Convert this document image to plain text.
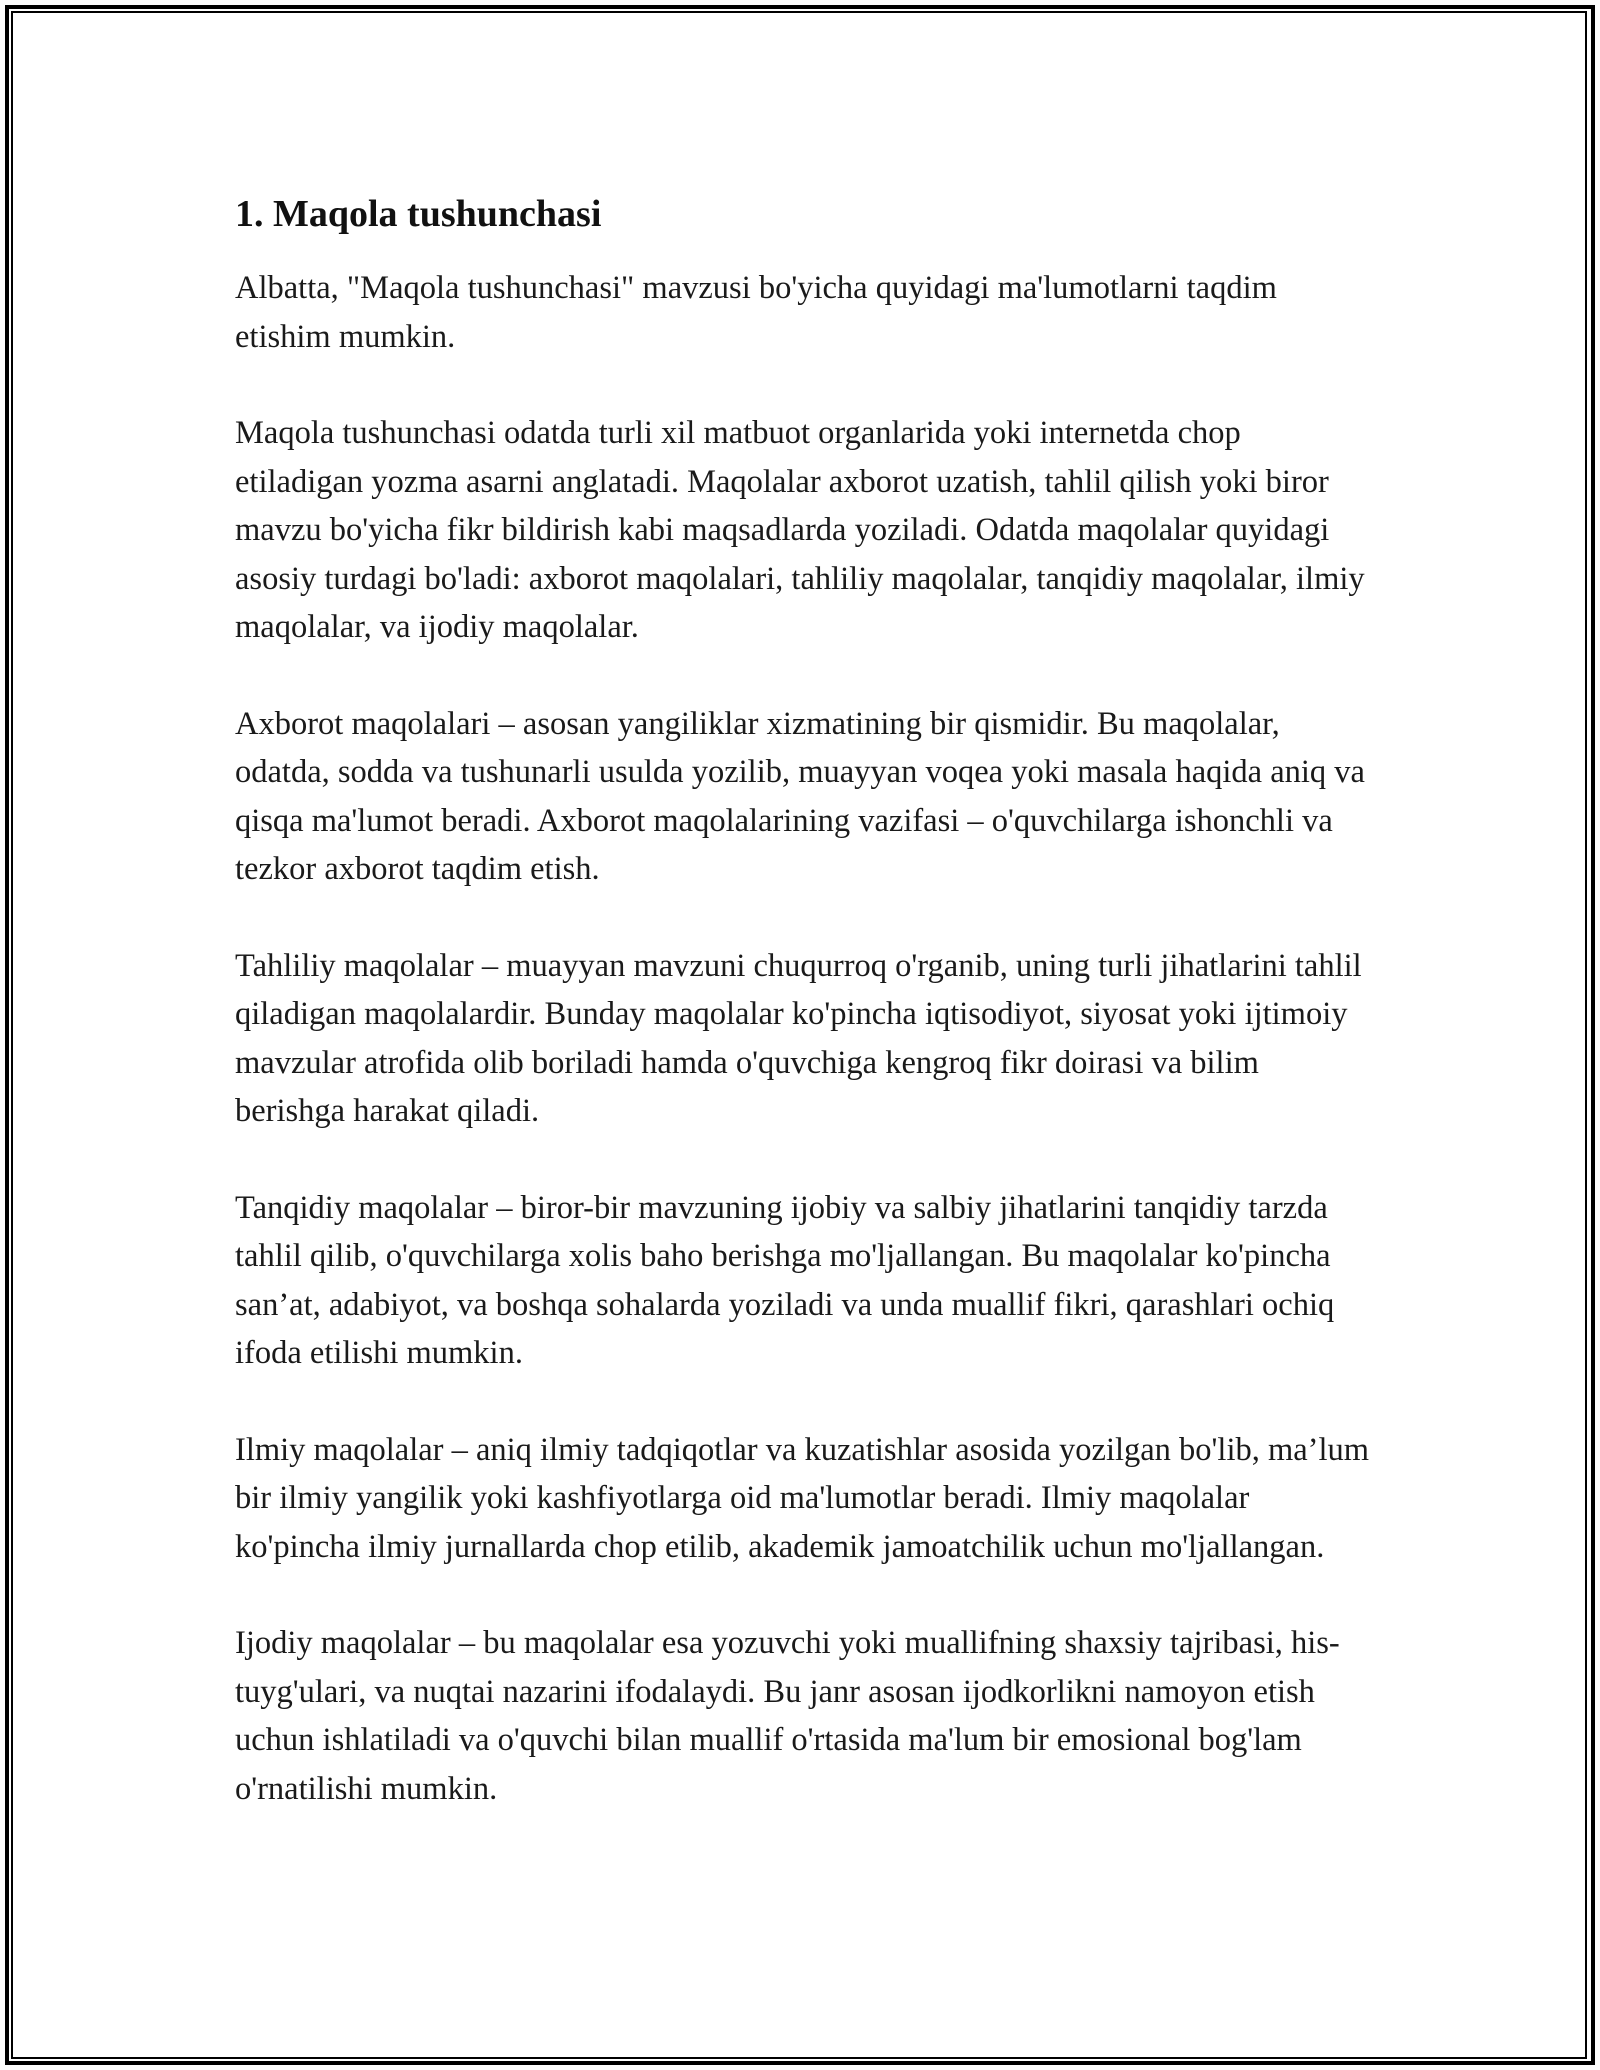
1. Maqola tushunchasi

Albatta, "Maqola tushunchasi" mavzusi bo'yicha quyidagi ma'lumotlarni taqdim etishim mumkin.

Maqola tushunchasi odatda turli xil matbuot organlarida yoki internetda chop etiladigan yozma asarni anglatadi. Maqolalar axborot uzatish, tahlil qilish yoki biror mavzu bo'yicha fikr bildirish kabi maqsadlarda yoziladi. Odatda maqolalar quyidagi asosiy turdagi bo'ladi: axborot maqolalari, tahliliy maqolalar, tanqidiy maqolalar, ilmiy maqolalar, va ijodiy maqolalar.

Axborot maqolalari – asosan yangiliklar xizmatining bir qismidir. Bu maqolalar, odatda, sodda va tushunarli usulda yozilib, muayyan voqea yoki masala haqida aniq va qisqa ma'lumot beradi. Axborot maqolalarining vazifasi – o'quvchilarga ishonchli va tezkor axborot taqdim etish.

Tahliliy maqolalar – muayyan mavzuni chuqurroq o'rganib, uning turli jihatlarini tahlil qiladigan maqolalardir. Bunday maqolalar ko'pincha iqtisodiyot, siyosat yoki ijtimoiy mavzular atrofida olib boriladi hamda o'quvchiga kengroq fikr doirasi va bilim berishga harakat qiladi.

Tanqidiy maqolalar – biror-bir mavzuning ijobiy va salbiy jihatlarini tanqidiy tarzda tahlil qilib, o'quvchilarga xolis baho berishga mo'ljallangan. Bu maqolalar ko'pincha san’at, adabiyot, va boshqa sohalarda yoziladi va unda muallif fikri, qarashlari ochiq ifoda etilishi mumkin.

Ilmiy maqolalar – aniq ilmiy tadqiqotlar va kuzatishlar asosida yozilgan bo'lib, ma’lum bir ilmiy yangilik yoki kashfiyotlarga oid ma'lumotlar beradi. Ilmiy maqolalar ko'pincha ilmiy jurnallarda chop etilib, akademik jamoatchilik uchun mo'ljallangan.

Ijodiy maqolalar – bu maqolalar esa yozuvchi yoki muallifning shaxsiy tajribasi, his-tuyg'ulari, va nuqtai nazarini ifodalaydi. Bu janr asosan ijodkorlikni namoyon etish uchun ishlatiladi va o'quvchi bilan muallif o'rtasida ma'lum bir emosional bog'lam o'rnatilishi mumkin.
